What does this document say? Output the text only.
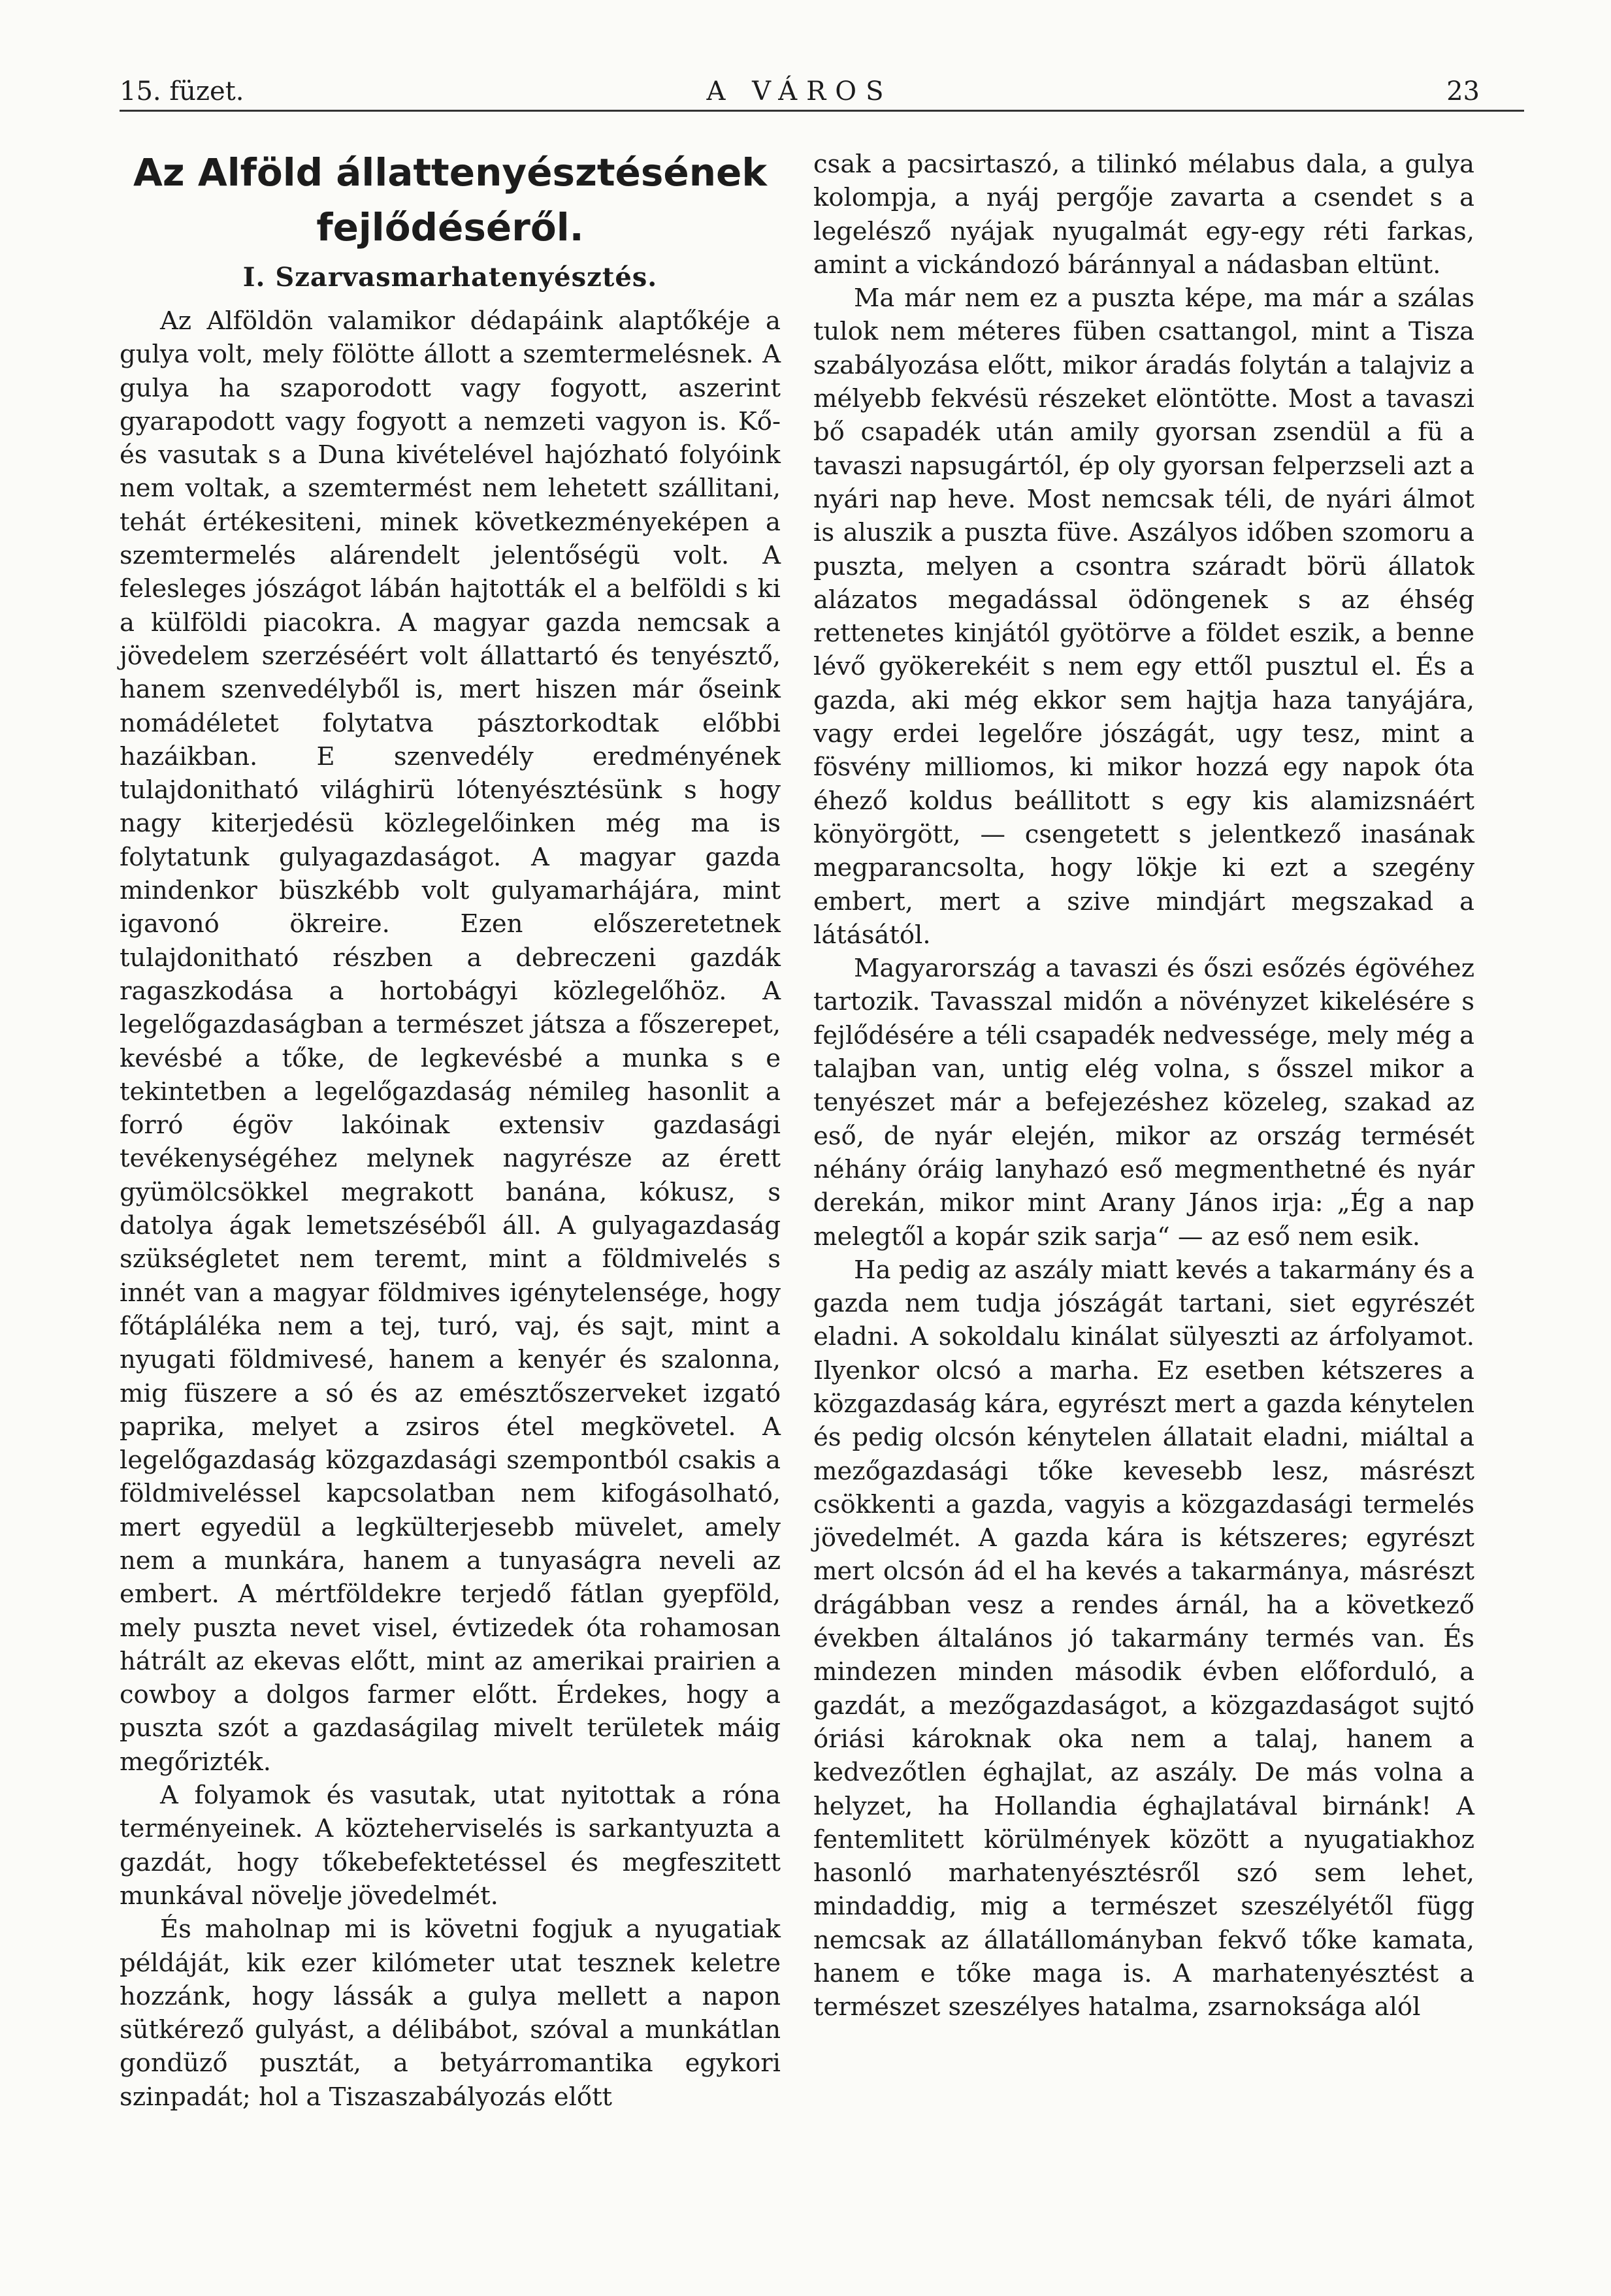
15. füzet.	A VÁROS	23
Az Alföld állattenyésztésének
fejlődéséről.
I. Szarvasmarhatenyésztés.

Az Alföldön valamikor dédapáink alaptőkéje a gulya volt, mely fölötte állott a szemtermelésnek. A gulya ha szaporodott vagy fogyott, aszerint gyarapodott vagy fogyott a nemzeti vagyon is. Kő- és vasutak s a Duna kivételével hajózható folyóink nem voltak, a szemtermést nem lehetett szállitani, tehát értékesiteni, minek következményeképen a szemtermelés alárendelt jelentőségü volt. A felesleges jószágot lábán hajtották el a belföldi s ki a külföldi piacokra. A magyar gazda nemcsak a jövedelem szerzéséért volt állattartó és tenyésztő, hanem szenvedélyből is, mert hiszen már őseink nomádéletet folytatva pásztorkodtak előbbi hazáikban. E szenvedély eredményének tulajdonitható világhirü lótenyésztésünk s hogy nagy kiterjedésü közlegelőinken még ma is folytatunk gulyagazdaságot. A magyar gazda mindenkor büszkébb volt gulyamarhájára, mint igavonó ökreire. Ezen előszeretetnek tulajdonitható részben a debreczeni gazdák ragaszkodása a hortobágyi közlegelőhöz. A legelőgazdaságban a természet játsza a főszerepet, kevésbé a tőke, de legkevésbé a munka s e tekintetben a legelőgazdaság némileg hasonlit a forró égöv lakóinak extensiv gazdasági tevékenységéhez melynek nagyrésze az érett gyümölcsökkel megrakott banána, kókusz, s datolya ágak lemetszéséből áll. A gulyagazdaság szükségletet nem teremt, mint a földmivelés s innét van a magyar földmives igénytelensége, hogy főtápláléka nem a tej, turó, vaj, és sajt, mint a nyugati földmivesé, hanem a kenyér és szalonna, mig füszere a só és az emésztőszerveket izgató paprika, melyet a zsiros étel megkövetel. A legelőgazdaság közgazdasági szempontból csakis a földmiveléssel kapcsolatban nem kifogásolható, mert egyedül a legkülterjesebb müvelet, amely nem a munkára, hanem a tunyaságra neveli az embert. A mértföldekre terjedő fátlan gyepföld, mely puszta nevet visel, évtizedek óta rohamosan hátrált az ekevas előtt, mint az amerikai prairien a cowboy a dolgos farmer előtt. Érdekes, hogy a puszta szót a gazdaságilag mivelt területek máig megőrizték.

A folyamok és vasutak, utat nyitottak a róna terményeinek. A közteherviselés is sarkantyuzta a gazdát, hogy tőkebefektetéssel és megfeszitett munkával növelje jövedelmét.

És maholnap mi is követni fogjuk a nyugatiak példáját, kik ezer kilómeter utat tesznek keletre hozzánk, hogy lássák a gulya mellett a napon sütkérező gulyást, a délibábot, szóval a munkátlan gondüző pusztát, a betyárromantika egykori szinpadát; hol a Tiszaszabályozás előtt

csak a pacsirtaszó, a tilinkó mélabus dala, a gulya kolompja, a nyáj pergője zavarta a csendet s a legelésző nyájak nyugalmát egy-egy réti farkas, amint a vickándozó báránnyal a nádasban eltünt.

Ma már nem ez a puszta képe, ma már a szálas tulok nem méteres füben csattangol, mint a Tisza szabályozása előtt, mikor áradás folytán a talajviz a mélyebb fekvésü részeket elöntötte. Most a tavaszi bő csapadék után amily gyorsan zsendül a fü a tavaszi napsugártól, ép oly gyorsan felperzseli azt a nyári nap heve. Most nemcsak téli, de nyári álmot is aluszik a puszta füve. Aszályos időben szomoru a puszta, melyen a csontra száradt börü állatok alázatos megadással ödöngenek s az éhség rettenetes kinjától gyötörve a földet eszik, a benne lévő gyökerekéit s nem egy ettől pusztul el. És a gazda, aki még ekkor sem hajtja haza tanyájára, vagy erdei legelőre jószágát, ugy tesz, mint a fösvény milliomos, ki mikor hozzá egy napok óta éhező koldus beállitott s egy kis alamizsnáért könyörgött, — csengetett s jelentkező inasának megparancsolta, hogy lökje ki ezt a szegény embert, mert a szive mindjárt megszakad a látásától.

Magyarország a tavaszi és őszi esőzés égövéhez tartozik. Tavasszal midőn a növényzet kikelésére s fejlődésére a téli csapadék nedvessége, mely még a talajban van, untig elég volna, s ősszel mikor a tenyészet már a befejezéshez közeleg, szakad az eső, de nyár elején, mikor az ország termését néhány óráig lanyhazó eső megmenthetné és nyár derekán, mikor mint Arany János irja: „Ég a nap melegtől a kopár szik sarja“ — az eső nem esik.

Ha pedig az aszály miatt kevés a takarmány és a gazda nem tudja jószágát tartani, siet egyrészét eladni. A sokoldalu kinálat sülyeszti az árfolyamot. Ilyenkor olcsó a marha. Ez esetben kétszeres a közgazdaság kára, egyrészt mert a gazda kénytelen és pedig olcsón kénytelen állatait eladni, miáltal a mezőgazdasági tőke kevesebb lesz, másrészt csökkenti a gazda, vagyis a közgazdasági termelés jövedelmét. A gazda kára is kétszeres; egyrészt mert olcsón ád el ha kevés a takarmánya, másrészt drágábban vesz a rendes árnál, ha a következő években általános jó takarmány termés van. És mindezen minden második évben előforduló, a gazdát, a mezőgazdaságot, a közgazdaságot sujtó óriási károknak oka nem a talaj, hanem a kedvezőtlen éghajlat, az aszály. De más volna a helyzet, ha Hollandia éghajlatával birnánk! A fentemlitett körülmények között a nyugatiakhoz hasonló marhatenyésztésről szó sem lehet, mindaddig, mig a természet szeszélyétől függ nemcsak az állatállományban fekvő tőke kamata, hanem e tőke maga is. A marhatenyésztést a természet szeszélyes hatalma, zsarnoksága alól
